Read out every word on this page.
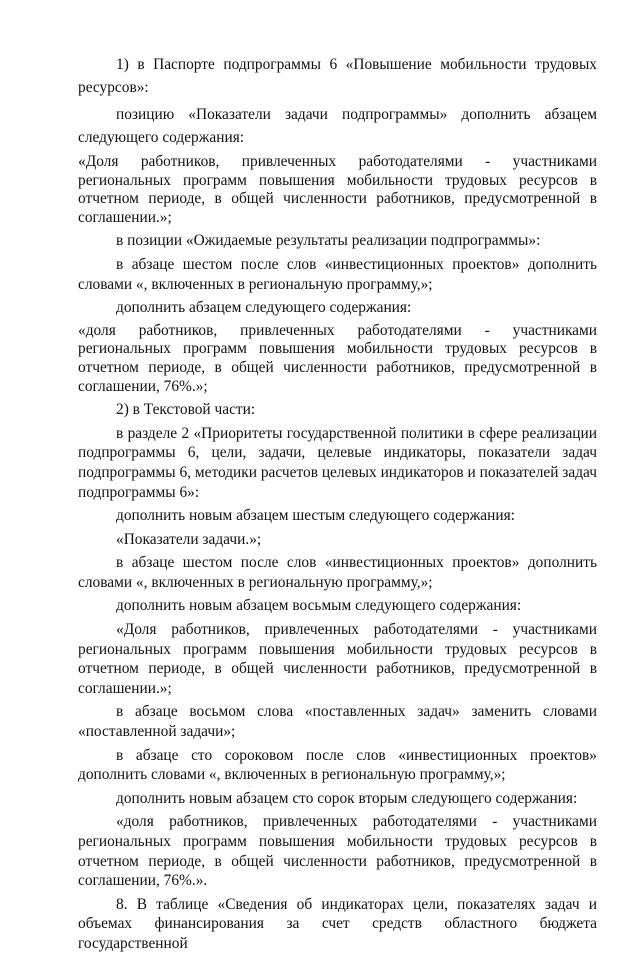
1) в Паспорте подпрограммы 6 «Повышение мобильности трудовых ресурсов»:

позицию «Показатели задачи подпрограммы» дополнить абзацем следующего содержания:

«Доля работников, привлеченных работодателями - участниками региональных программ повышения мобильности трудовых ресурсов в отчетном периоде, в общей численности работников, предусмотренной в соглашении.»;

в позиции «Ожидаемые результаты реализации подпрограммы»:

в абзаце шестом после слов «инвестиционных проектов» дополнить словами «, включенных в региональную программу,»;

дополнить абзацем следующего содержания:

«доля работников, привлеченных работодателями - участниками региональных программ повышения мобильности трудовых ресурсов в отчетном периоде, в общей численности работников, предусмотренной в соглашении, 76%.»;

2) в Текстовой части:

в разделе 2 «Приоритеты государственной политики в сфере реализации подпрограммы 6, цели, задачи, целевые индикаторы, показатели задач подпрограммы 6, методики расчетов целевых индикаторов и показателей задач подпрограммы 6»:

дополнить новым абзацем шестым следующего содержания:

«Показатели задачи.»;

в абзаце шестом после слов «инвестиционных проектов» дополнить словами «, включенных в региональную программу,»;

дополнить новым абзацем восьмым следующего содержания:

«Доля работников, привлеченных работодателями - участниками региональных программ повышения мобильности трудовых ресурсов в отчетном периоде, в общей численности работников, предусмотренной в соглашении.»;

в абзаце восьмом слова «поставленных задач» заменить словами «поставленной задачи»;

в абзаце сто сороковом после слов «инвестиционных проектов» дополнить словами «, включенных в региональную программу,»;

дополнить новым абзацем сто сорок вторым следующего содержания:

«доля работников, привлеченных работодателями - участниками региональных программ повышения мобильности трудовых ресурсов в отчетном периоде, в общей численности работников, предусмотренной в соглашении, 76%.».

8. В таблице «Сведения об индикаторах цели, показателях задач и объемах финансирования за счет средств областного бюджета государственной
